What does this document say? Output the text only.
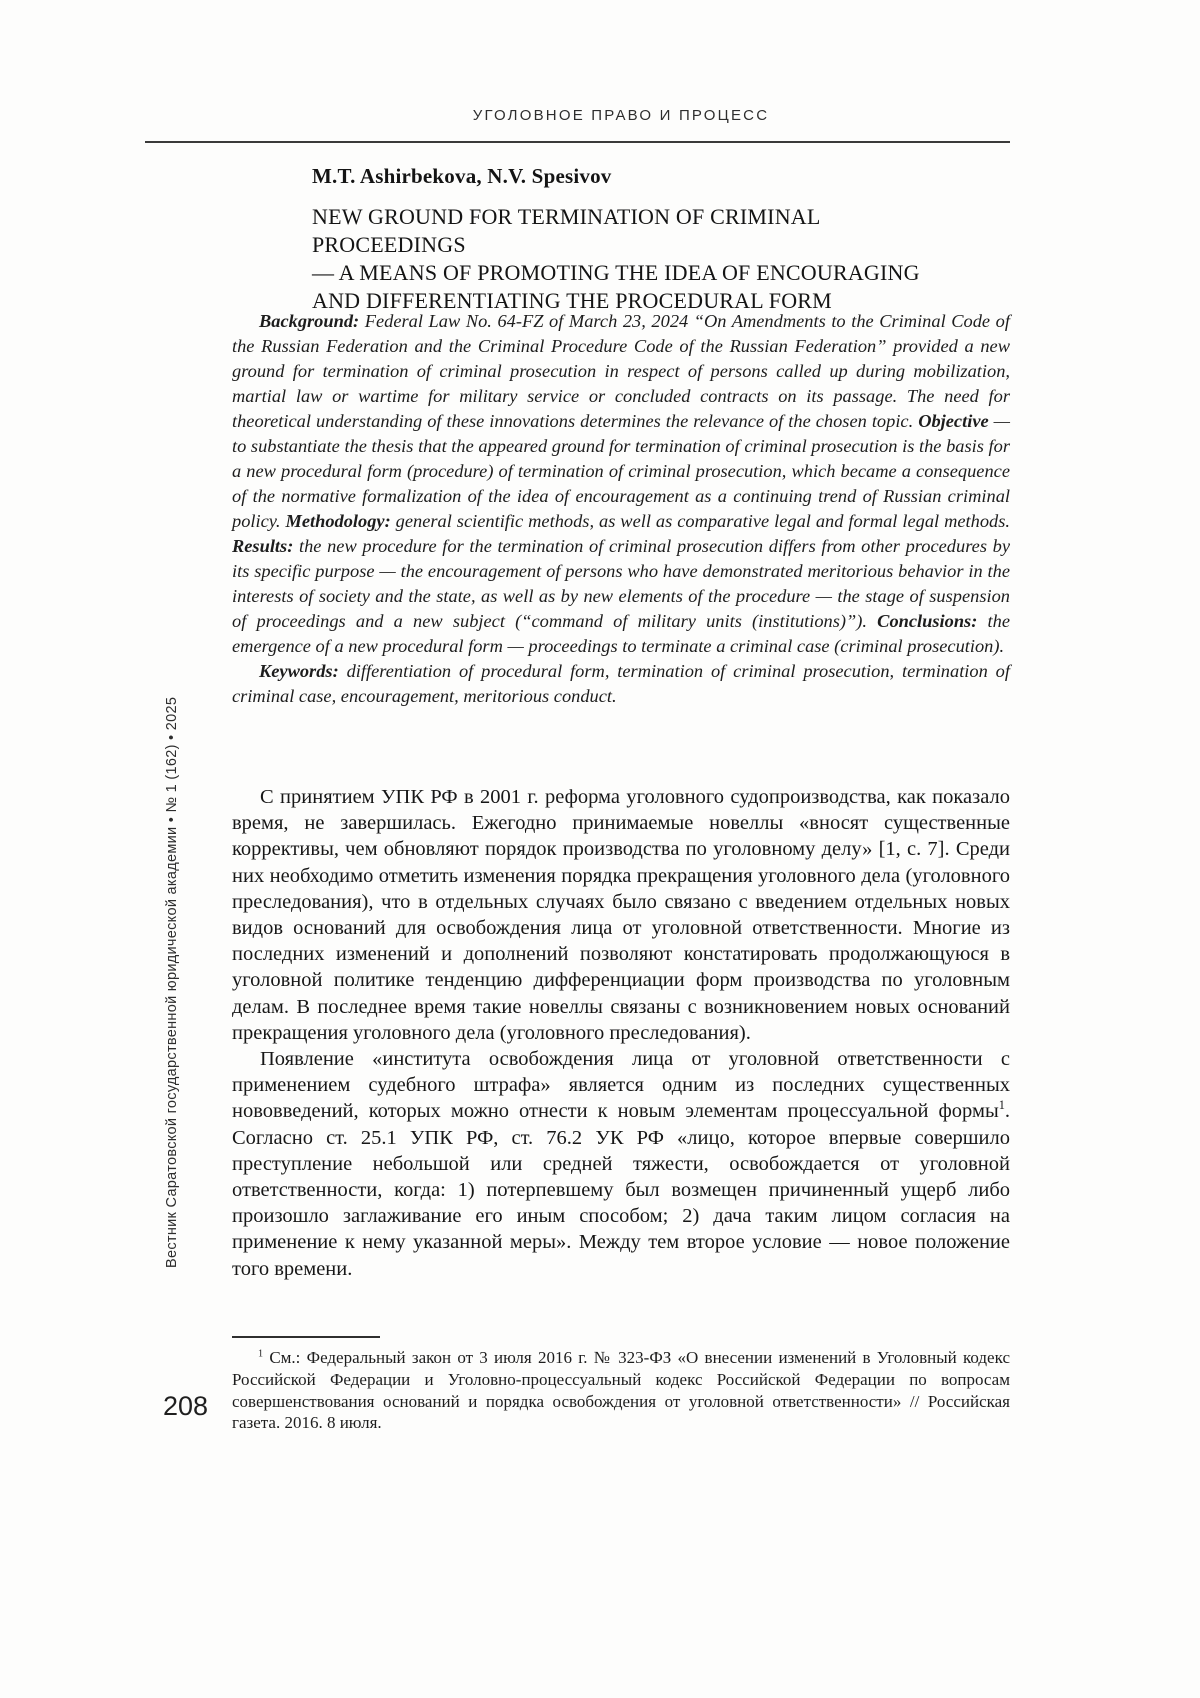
УГОЛОВНОЕ ПРАВО И ПРОЦЕСС
M.T. Ashirbekova, N.V. Spesivov
NEW GROUND FOR TERMINATION OF CRIMINAL PROCEEDINGS
— A MEANS OF PROMOTING THE IDEA OF ENCOURAGING
AND DIFFERENTIATING THE PROCEDURAL FORM

Background: Federal Law No. 64-FZ of March 23, 2024 “On Amendments to the Criminal Code of the Russian Federation and the Criminal Procedure Code of the Russian Federation” provided a new ground for termination of criminal prosecution in respect of persons called up during mobilization, martial law or wartime for military service or concluded contracts on its passage. The need for theoretical understanding of these innovations determines the relevance of the chosen topic. Objective — to substantiate the thesis that the appeared ground for termination of criminal prosecution is the basis for a new procedural form (procedure) of termination of criminal prosecution, which became a consequence of the normative formalization of the idea of encouragement as a continuing trend of Russian criminal policy. Methodology: general scientific methods, as well as comparative legal and formal legal methods. Results: the new procedure for the termination of criminal prosecution differs from other procedures by its specific purpose — the encouragement of persons who have demonstrated meritorious behavior in the interests of society and the state, as well as by new elements of the procedure — the stage of suspension of proceedings and a new subject (“command of military units (institutions)”). Conclusions: the emergence of a new procedural form — proceedings to terminate a criminal case (criminal prosecution).

Keywords: differentiation of procedural form, termination of criminal prosecution, termination of criminal case, encouragement, meritorious conduct.

С принятием УПК РФ в 2001 г. реформа уголовного судопроизводства, как показало время, не завершилась. Ежегодно принимаемые новеллы «вносят существенные коррективы, чем обновляют порядок производства по уголовному делу» [1, с. 7]. Среди них необходимо отметить изменения порядка прекращения уголовного дела (уголовного преследования), что в отдельных случаях было связано с введением отдельных новых видов оснований для освобождения лица от уголовной ответственности. Многие из последних изменений и дополнений позволяют констатировать продолжающуюся в уголовной политике тенденцию дифференциации форм производства по уголовным делам. В последнее время такие новеллы связаны с возникновением новых оснований прекращения уголовного дела (уголовного преследования).

Появление «института освобождения лица от уголовной ответственности с применением судебного штрафа» является одним из последних существенных нововведений, которых можно отнести к новым элементам процессуальной формы$^1$. Согласно ст. 25.1 УПК РФ, ст. 76.2 УК РФ «лицо, которое впервые совершило преступление небольшой или средней тяжести, освобождается от уголовной ответственности, когда: 1) потерпевшему был возмещен причиненный ущерб либо произошло заглаживание его иным способом; 2) дача таким лицом согласия на применение к нему указанной меры». Между тем второе условие — новое положение того времени.

$^1$ См.: Федеральный закон от 3 июля 2016 г. № 323-ФЗ «О внесении изменений в Уголовный кодекс Российской Федерации и Уголовно-процессуальный кодекс Российской Федерации по вопросам совершенствования оснований и порядка освобождения от уголовной ответственности» // Российская газета. 2016. 8 июля.

Вестник Саратовской государственной юридической академии • № 1 (162) • 2025
208
